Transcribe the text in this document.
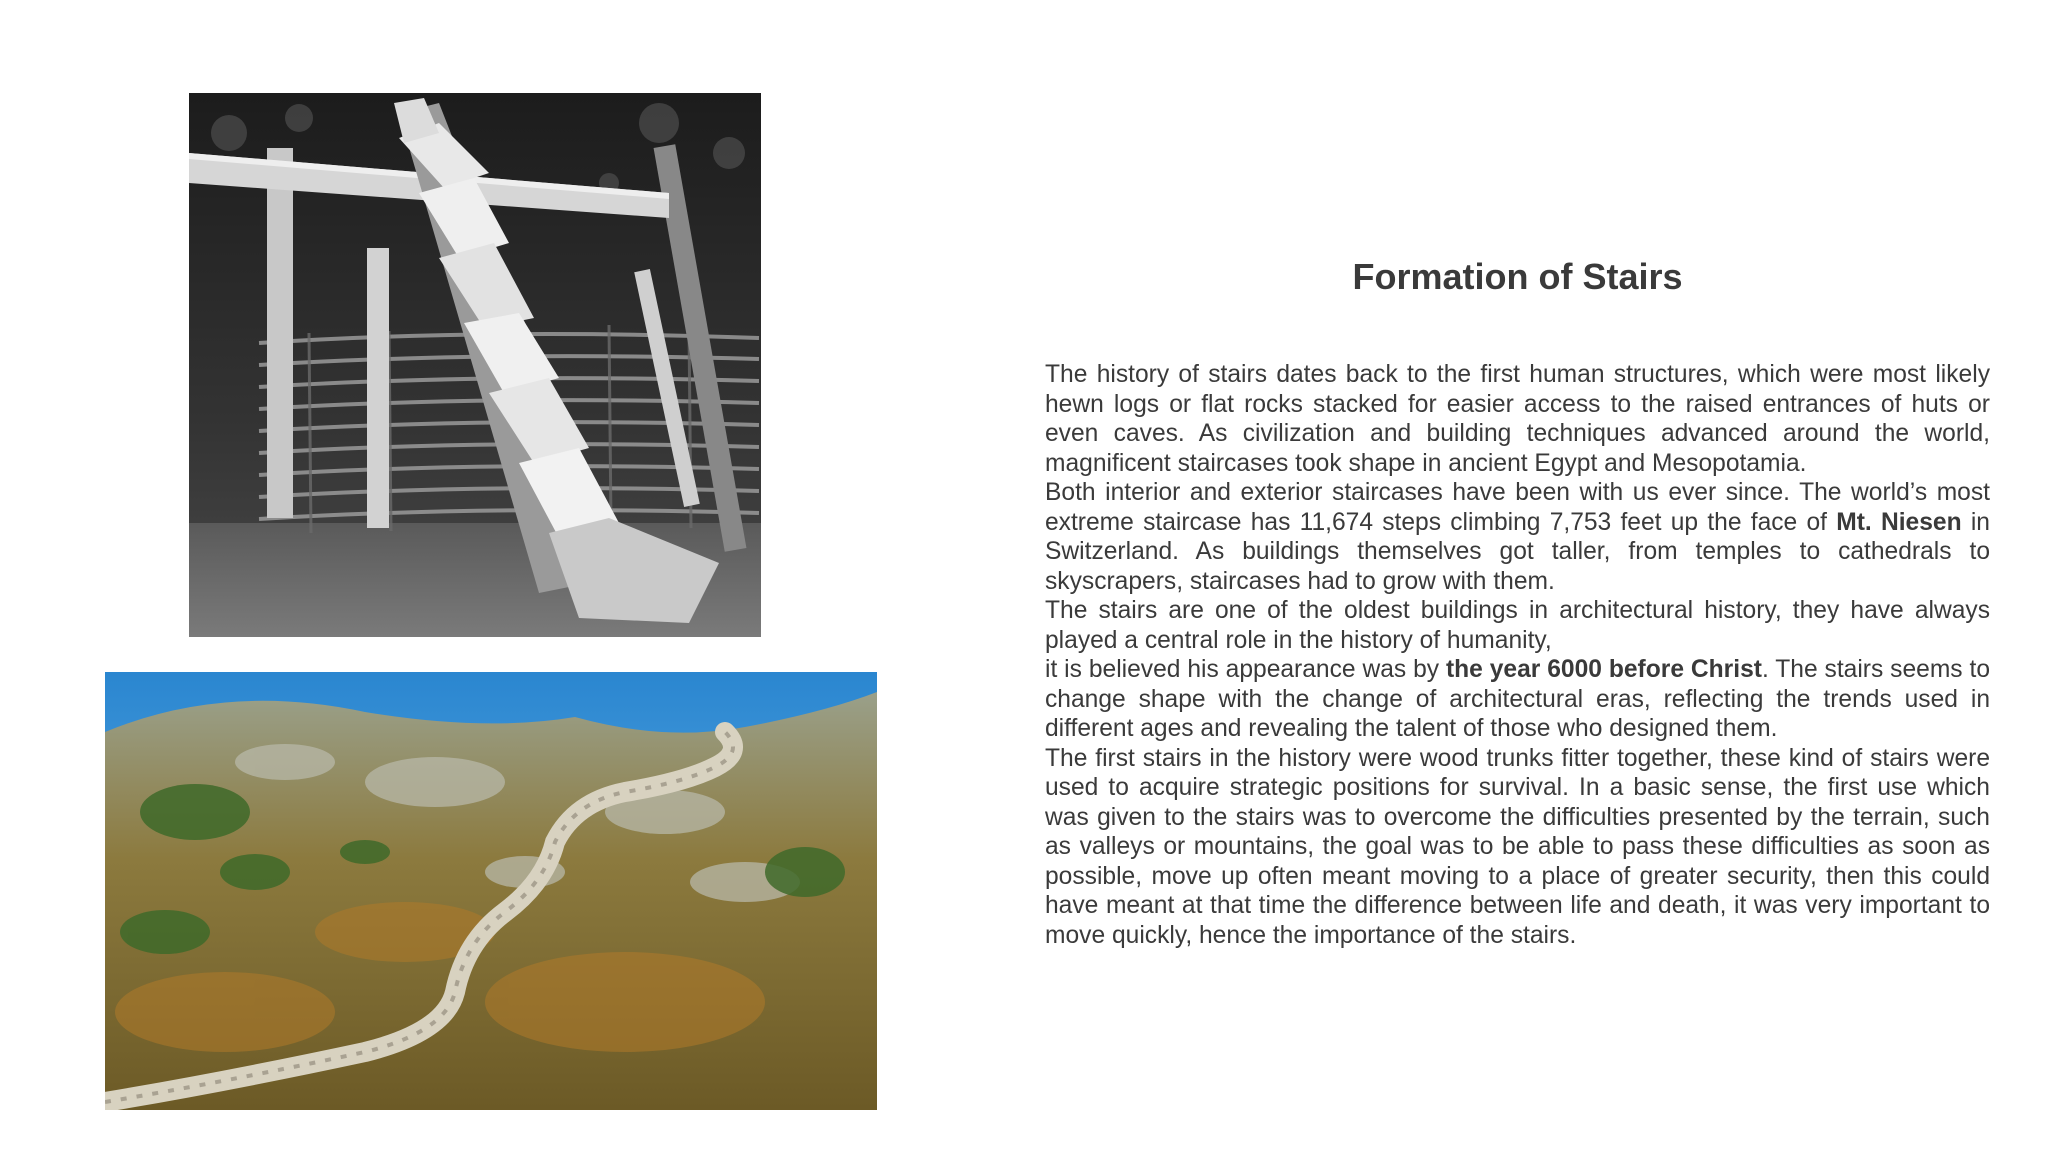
Formation of Stairs

The history of stairs dates back to the first human structures, which were most likely hewn logs or flat rocks stacked for easier access to the raised entrances of huts or even caves. As civilization and building techniques advanced around the world, magnificent staircases took shape in ancient Egypt and Mesopotamia.

Both interior and exterior staircases have been with us ever since. The world’s most extreme staircase has 11,674 steps climbing 7,753 feet up the face of Mt. Niesen in Switzerland. As buildings themselves got taller, from temples to cathedrals to skyscrapers, staircases had to grow with them.

The stairs are one of the oldest buildings in architectural history, they have always played a central role in the history of humanity,

it is believed his appearance was by the year 6000 before Christ. The stairs seems to change shape with the change of architectural eras, reflecting the trends used in different ages and revealing the talent of those who designed them.

The first stairs in the history were wood trunks fitter together, these kind of stairs were used to acquire strategic positions for survival. In a basic sense, the first use which was given to the stairs was to overcome the difficulties presented by the terrain, such as valleys or mountains, the goal was to be able to pass these difficulties as soon as possible, move up often meant moving to a place of greater security, then this could have meant at that time the difference between life and death, it was very important to move quickly, hence the importance of the stairs.
